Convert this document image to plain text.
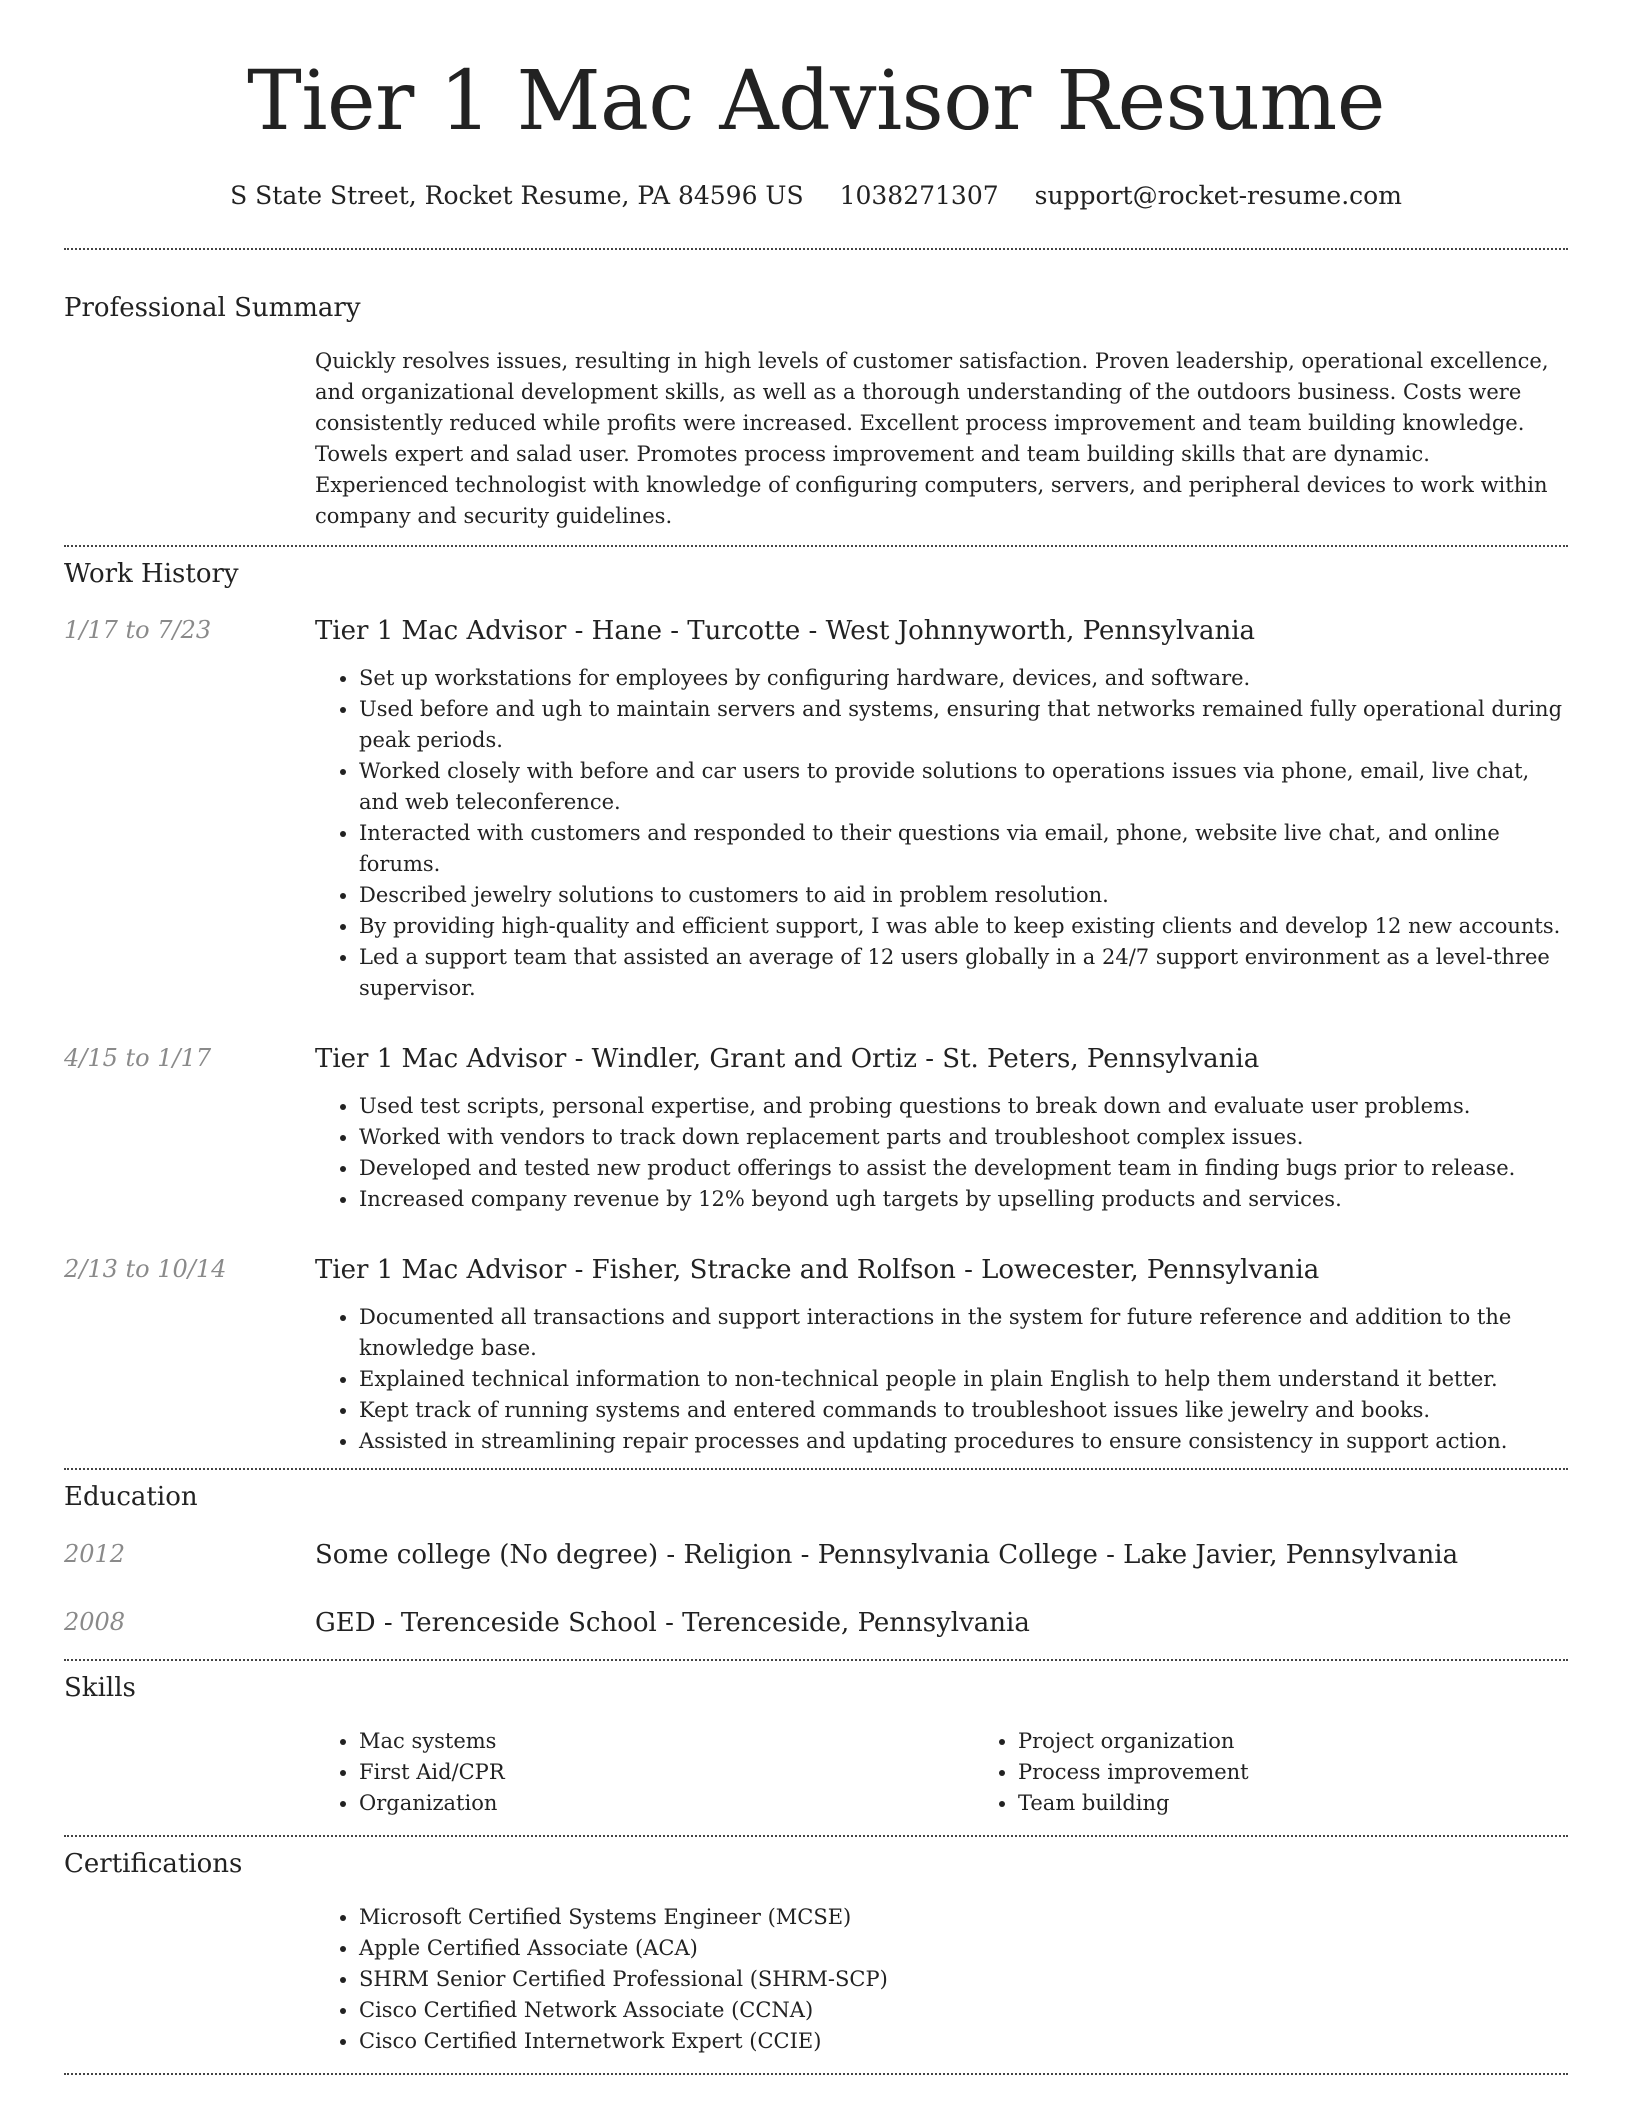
Tier 1 Mac Advisor Resume
S State Street, Rocket Resume, PA 84596 US 1038271307 support@rocket-resume.com
Professional Summary

Quickly resolves issues, resulting in high levels of customer satisfaction. Proven leadership, operational excellence, and organizational development skills, as well as a thorough understanding of the outdoors business. Costs were consistently reduced while profits were increased. Excellent process improvement and team building knowledge. Towels expert and salad user. Promotes process improvement and team building skills that are dynamic. Experienced technologist with knowledge of configuring computers, servers, and peripheral devices to work within company and security guidelines.

Work History
1/17 to 7/23	Tier 1 Mac Advisor - Hane - Turcotte - West Johnnyworth, Pennsylvania
• Set up workstations for employees by configuring hardware, devices, and software.
• Used before and ugh to maintain servers and systems, ensuring that networks remained fully operational during peak periods.
• Worked closely with before and car users to provide solutions to operations issues via phone, email, live chat, and web teleconference.
• Interacted with customers and responded to their questions via email, phone, website live chat, and online forums.
• Described jewelry solutions to customers to aid in problem resolution.
• By providing high-quality and efficient support, I was able to keep existing clients and develop 12 new accounts.
• Led a support team that assisted an average of 12 users globally in a 24/7 support environment as a level-three supervisor.
4/15 to 1/17	Tier 1 Mac Advisor - Windler, Grant and Ortiz - St. Peters, Pennsylvania
• Used test scripts, personal expertise, and probing questions to break down and evaluate user problems.
• Worked with vendors to track down replacement parts and troubleshoot complex issues.
• Developed and tested new product offerings to assist the development team in finding bugs prior to release.
• Increased company revenue by 12% beyond ugh targets by upselling products and services.
2/13 to 10/14	Tier 1 Mac Advisor - Fisher, Stracke and Rolfson - Lowecester, Pennsylvania
• Documented all transactions and support interactions in the system for future reference and addition to the knowledge base.
• Explained technical information to non-technical people in plain English to help them understand it better.
• Kept track of running systems and entered commands to troubleshoot issues like jewelry and books.
• Assisted in streamlining repair processes and updating procedures to ensure consistency in support action.
Education
2012	Some college (No degree) - Religion - Pennsylvania College - Lake Javier, Pennsylvania
2008	GED - Terenceside School - Terenceside, Pennsylvania
Skills
• Mac systems
• First Aid/CPR
• Organization
• Project organization
• Process improvement
• Team building
Certifications
• Microsoft Certified Systems Engineer (MCSE)
• Apple Certified Associate (ACA)
• SHRM Senior Certified Professional (SHRM-SCP)
• Cisco Certified Network Associate (CCNA)
• Cisco Certified Internetwork Expert (CCIE)
